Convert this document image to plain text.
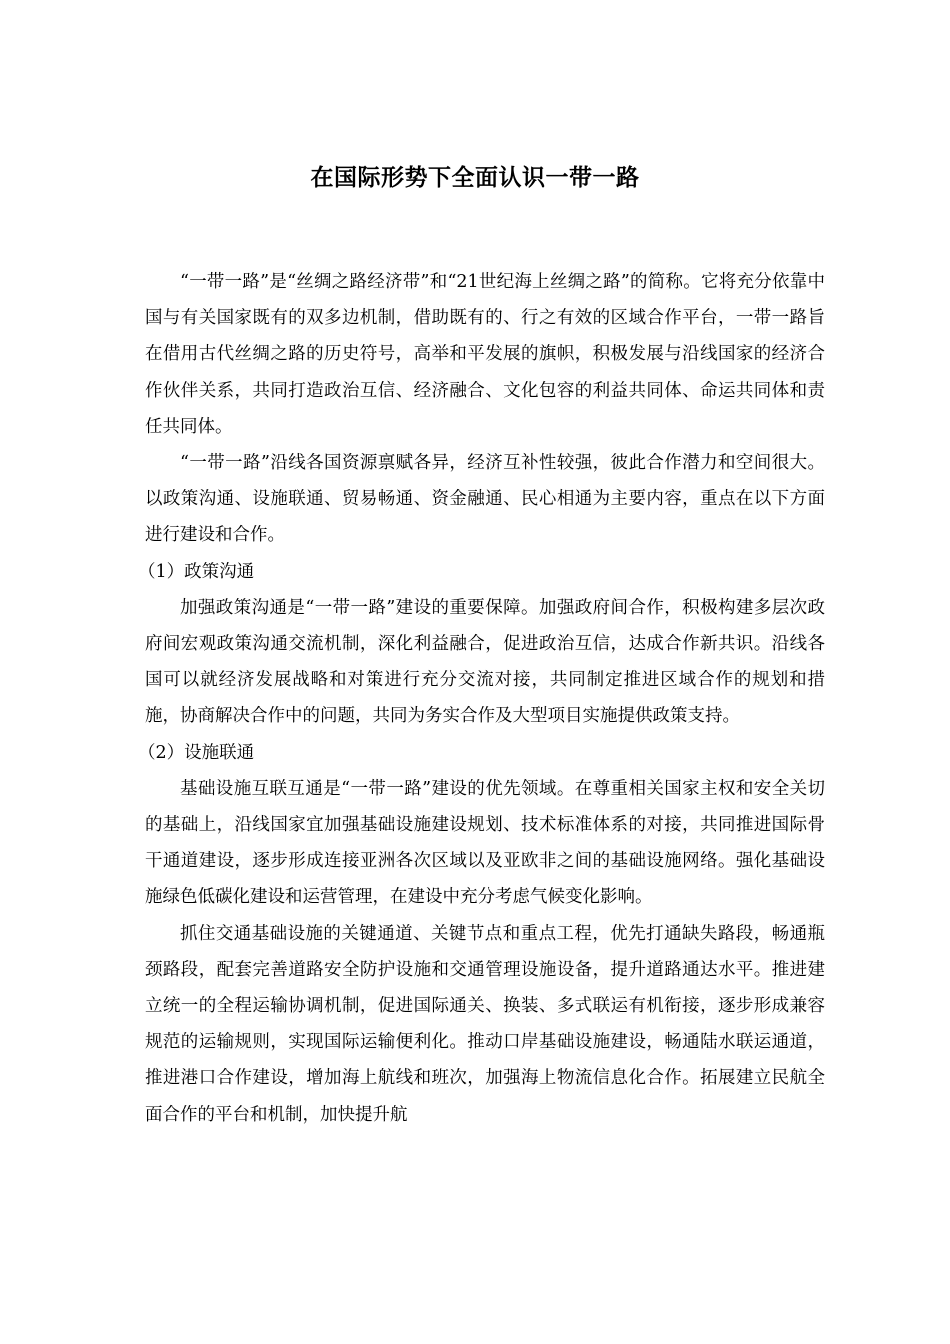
在国际形势下全面认识一带一路

“一带一路”是“丝绸之路经济带”和“21世纪海上丝绸之路”的简称。它将充分依靠中国与有关国家既有的双多边机制，借助既有的、行之有效的区域合作平台，一带一路旨在借用古代丝绸之路的历史符号，高举和平发展的旗帜，积极发展与沿线国家的经济合作伙伴关系，共同打造政治互信、经济融合、文化包容的利益共同体、命运共同体和责任共同体。

“一带一路”沿线各国资源禀赋各异，经济互补性较强，彼此合作潜力和空间很大。以政策沟通、设施联通、贸易畅通、资金融通、民心相通为主要内容，重点在以下方面进行建设和合作。

（1）政策沟通

加强政策沟通是“一带一路”建设的重要保障。加强政府间合作，积极构建多层次政府间宏观政策沟通交流机制，深化利益融合，促进政治互信，达成合作新共识。沿线各国可以就经济发展战略和对策进行充分交流对接，共同制定推进区域合作的规划和措施，协商解决合作中的问题，共同为务实合作及大型项目实施提供政策支持。

（2）设施联通

基础设施互联互通是“一带一路”建设的优先领域。在尊重相关国家主权和安全关切的基础上，沿线国家宜加强基础设施建设规划、技术标准体系的对接，共同推进国际骨干通道建设，逐步形成连接亚洲各次区域以及亚欧非之间的基础设施网络。强化基础设施绿色低碳化建设和运营管理，在建设中充分考虑气候变化影响。

抓住交通基础设施的关键通道、关键节点和重点工程，优先打通缺失路段，畅通瓶颈路段，配套完善道路安全防护设施和交通管理设施设备，提升道路通达水平。推进建立统一的全程运输协调机制，促进国际通关、换装、多式联运有机衔接，逐步形成兼容规范的运输规则，实现国际运输便利化。推动口岸基础设施建设，畅通陆水联运通道，推进港口合作建设，增加海上航线和班次，加强海上物流信息化合作。拓展建立民航全面合作的平台和机制，加快提升航
